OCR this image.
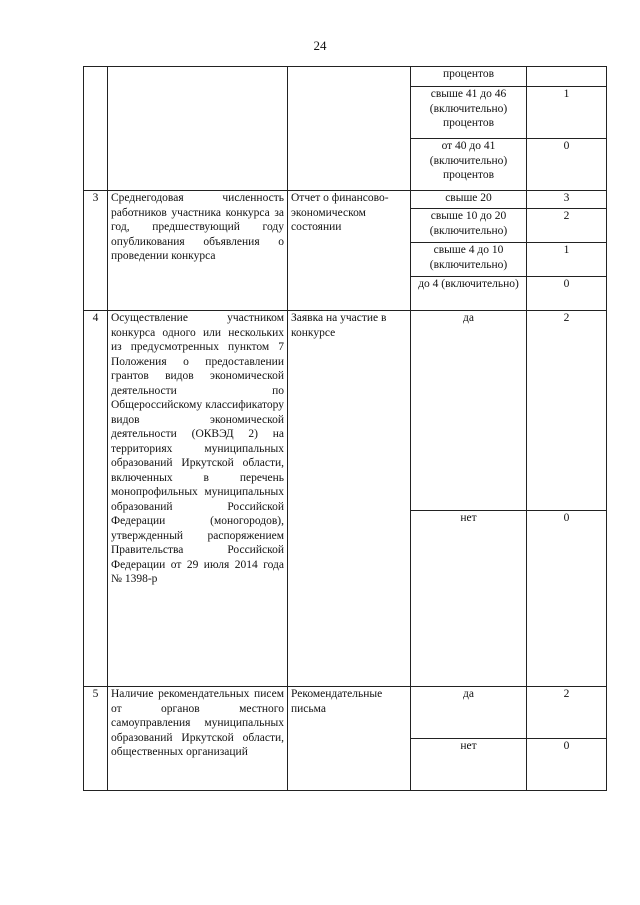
24
			процентов	
			свыше 41 до 46 (включительно) процентов	1
			от 40 до 41 (включительно) процентов	0
3	Среднегодовая численность работников участника конкурса за год, предшествующий году опубликования объявления о проведении конкурса	Отчет о финансово-экономическом состоянии	свыше 20	3
			свыше 10 до 20 (включительно)	2
			свыше 4 до 10 (включительно)	1
			до 4 (включительно)	0
4	Осуществление участником конкурса одного или нескольких из предусмотренных пунктом 7 Положения о предоставлении грантов видов экономической деятельности по Общероссийскому классификатору видов экономической деятельности (ОКВЭД 2) на территориях муниципальных образований Иркутской области, включенных в перечень монопрофильных муниципальных образований Российской Федерации (моногородов), утвержденный распоряжением Правительства Российской Федерации от 29 июля 2014 года № 1398-р	Заявка на участие в конкурсе	да	2
			нет	0
5	Наличие рекомендательных писем от органов местного самоуправления муниципальных образований Иркутской области, общественных организаций	Рекомендательные письма	да	2
			нет	0
